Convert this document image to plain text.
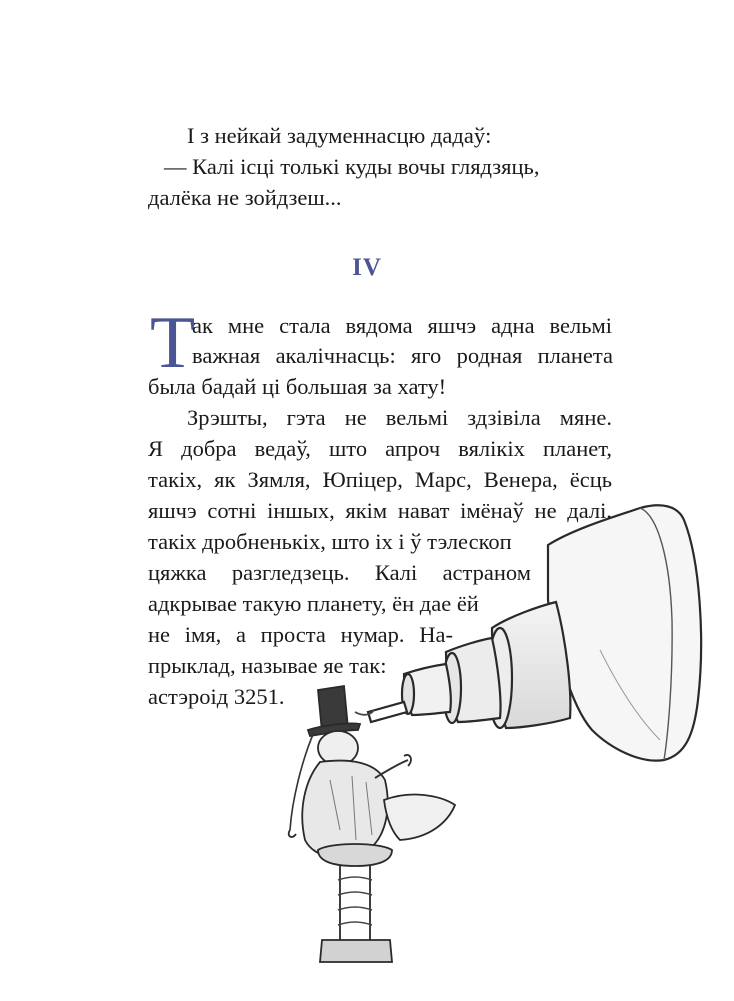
І з нейкай задуменнасцю дадаў:
— Калі ісці толькі куды вочы глядзяць,
далёка не зойдзеш...
IV
Т
ак мне стала вядома яшчэ адна вельмі
важная акалічнасць: яго родная планета
была бадай ці большая за хату!
Зрэшты, гэта не вельмі здзівіла мяне.
Я добра ведаў, што апроч вялікіх планет,
такіх, як Зямля, Юпіцер, Марс, Венера, ёсць
яшчэ сотні іншых, якім нават імёнаў не далі,
такіх дробненькіх, што іх і ў тэлескоп
цяжка разгледзець. Калі астраном
адкрывае такую планету, ён дае ёй
не імя, а проста нумар. На-
прыклад, называе яе так:
астэроід 3251.
